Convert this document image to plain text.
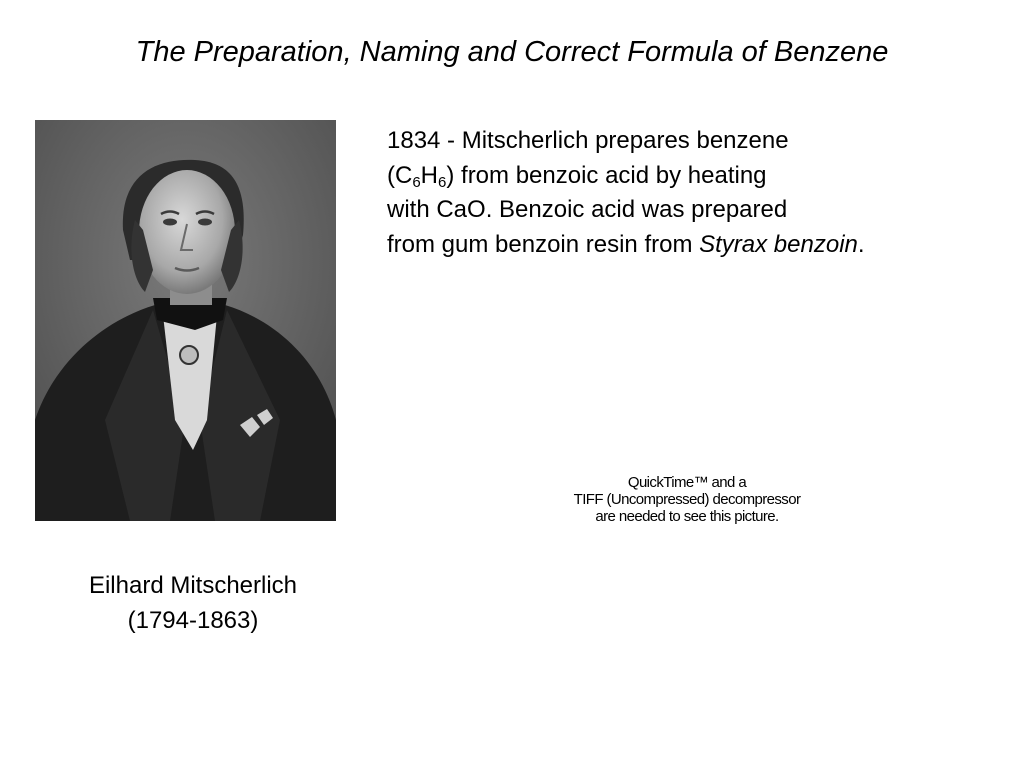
The Preparation, Naming and Correct Formula of Benzene
Eilhard Mitscherlich
(1794-1863)
1834 - Mitscherlich prepares benzene
$(C_6H_6)$ from benzoic acid by heating
with CaO. Benzoic acid was prepared
from gum benzoin resin from Styrax benzoin.
QuickTime™ and a
TIFF (Uncompressed) decompressor
are needed to see this picture.
